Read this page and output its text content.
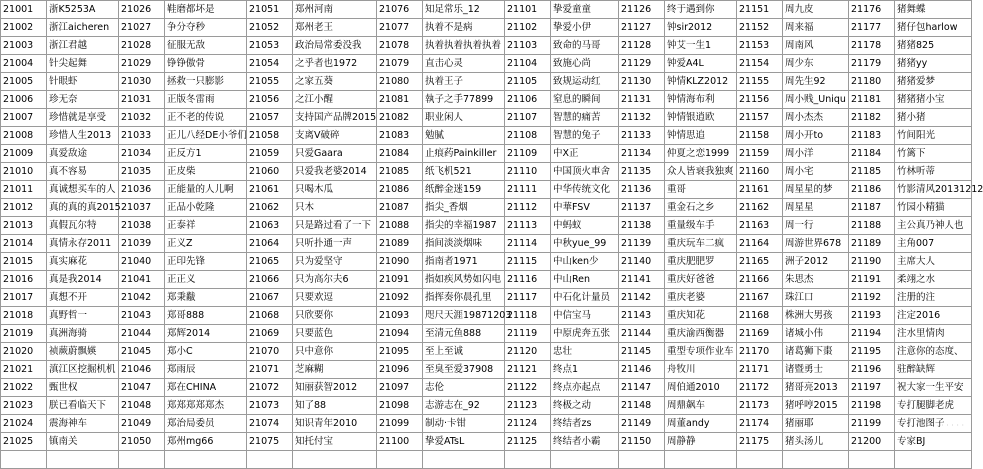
21001	浙K5253A	21026	鞋磨都坏是	21051	郑州河南	21076	知足常乐_12	21101	挚爱童童	21126	终于遇到你	21151	周九皮	21176	猪舞蝶
21002	浙江aicheren	21027	争分夺秒	21052	郑州老王	21077	执着不是病	21102	挚爱小伊	21127	钟sir2012	21152	周来福	21177	猪仔包harlow
21003	浙江君越	21028	征服无敌	21053	政治局常委没我	21078	执着执着执着执着	21103	致命的马哥	21128	钟艾一生1	21153	周南风	21178	猪猪825
21004	针尖起舞	21029	铮铮傲骨	21054	之乎者也1972	21079	直击心灵	21104	致施心尚	21129	钟爱A4L	21154	周少东	21179	猪猪yy
21005	针眼虾	21030	拯救一只膨影	21055	之家五葵	21080	执着王子	21105	致规运动红	21130	钟情KLZ2012	21155	周先生92	21180	猪猪爱梦
21006	珍无奈	21031	正版冬雷雨	21056	之江小醒	21081	執子之手77899	21106	窒息的瞬间	21131	钟情海布利	21156	周小贱_Uniqu	21181	猪猪猪小宝
21007	珍惜就是享受	21032	正不老的传说	21057	支持国产品牌2015	21082	职业闲人	21107	智慧的痛苦	21132	钟情银逍欧	21157	周小杰杰	21182	猪小猪
21008	珍惜人生2013	21033	正儿八经DE小爷们	21058	支离V破碎	21083	勉腻	21108	智慧的兔子	21133	钟情思追	21158	周小开to	21183	竹间阳光
21009	真爱敌途	21034	正反方1	21059	只爱Gaara	21084	止痕药Painkiller	21109	中X正	21134	仲夏之恋1999	21159	周小洋	21184	竹篱下
21010	真不容易	21035	正皮柴	21060	只爱我老婆2014	21085	纸飞机521	21110	中国顶火車舍	21135	众人皆衰我独爽	21160	周小宅	21185	竹林听蒂
21011	真诚想买车的人	21036	正能量的人儿啊	21061	只喝木瓜	21086	纸醉金迷159	21111	中华传统文化	21136	重哥	21161	周星星的梦	21186	竹影清风20131212
21012	真的真的真2015	21037	正品小乾隆	21062	只木	21087	指尖_香烟	21112	中華FSV	21137	重金石之乡	21162	周星星	21187	竹园小精猫
21013	真假瓦尔特	21038	正泰祥	21063	只是路过看了一下	21088	指尖的幸福1987	21113	中蚂蚁	21138	重量级车手	21163	周一行	21188	主公真乃神人也
21014	真情永存2011	21039	正义Z	21064	只听扑通一声	21089	指间淡淡烟味	21114	中秋yue_99	21139	重庆玩车二疯	21164	周游世界678	21189	主角007
21015	真实麻花	21040	正印先锋	21065	只为爱坚守	21090	指南者1971	21115	中山ken少	21140	重庆肥肥罗	21165	洲子2012	21190	主席大人
21016	真是我2014	21041	正正义	21066	只为高尔夫6	21091	指如疾风势如闪电	21116	中山Ren	21141	重庆好爸爸	21166	朱思杰	21191	柔翊之水
21017	真想不开	21042	郑秉黻	21067	只要欢逗	21092	指挥奏你晨孔里	21117	中石化计量员	21142	重庆老婆	21167	珠江口	21192	注册的注
21018	真野哲一	21043	郑哥888	21068	只欣要你	21093	咫尺天涯19871203	21118	中信宝马	21143	重庆知花	21168	株洲大男孩	21193	注定2016
21019	真洲海骑	21044	郑辉2014	21069	只要蓝色	21094	至清元鱼888	21119	中原虎奔五张	21144	重庆渝西衡器	21169	诸城小伟	21194	注水里情肉
21020	祯蕨蔚飘媖	21045	郑小C	21070	只中意你	21095	至上至诚	21120	忠壮	21145	重型专项作业车	21170	诸葛狮下棗	21195	注意你的态度、
21021	滇江区挖掘机机	21046	郑雨辰	21071	芝麻糊	21096	至臭至爱37908	21121	终点1	21146	舟牧川	21171	诸暨勇士	21196	驻醉缺辉
21022	甄世权	21047	郑在CHINA	21072	知丽获智2012	21097	志伦	21122	终点亦起点	21147	周伯通2010	21172	猪哥亮2013	21197	祝大家一生平安
21023	朕已看临天下	21048	郑郑郑郑郑杰	21073	知了88	21098	志游志在_92	21123	终极之动	21148	周鼎飙车	21173	猪呼哼2015	21198	专打腿脚老虎
21024	震海神车	21049	郑治局委员	21074	知识青年2010	21099	制动·卡钳	21124	终结者zs	21149	周董andy	21174	猪丽耶	21199	专打池图子
21025	镇南关	21050	郑州mg66	21075	知托付宝	21100	挚爱ATsL	21125	终结者小霸	21150	周静静	21175	猪头汤儿	21200	专家BJ

· · · · ·
